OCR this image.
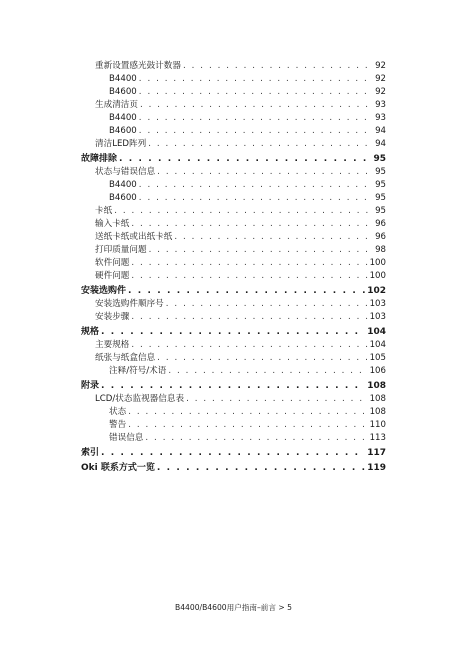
重新设置感光鼓计数器 . . .	92
B4400 . . .	92
B4600 . . .	92
生成清洁页 . . .	93
B4400 . . .	93
B4600 . . .	94
清洁LED阵列 . . .	94
故障排除 . . .	95
状态与错误信息 . . .	95
B4400 . . .	95
B4600 . . .	95
卡纸 . . .	95
输入卡纸 . . .	96
送纸卡纸或出纸卡纸 . . .	96
打印质量问题 . . .	98
软件问题 . . .	100
硬件问题 . . .	100
安装选购件 . . .	102
安装选购件顺序号 . . .	103
安装步骤 . . .	103
规格 . . .	104
主要规格 . . .	104
纸张与纸盒信息 . . .	105
注释/符号/术语 . . .	106
附录 . . .	108
LCD/状态监视器信息表 . . .	108
状态 . . .	108
警告 . . .	110
错误信息 . . .	113
索引 . . .	117
Oki 联系方式一览 . . .	119
B4400/B4600用户指南–前言 > 5
